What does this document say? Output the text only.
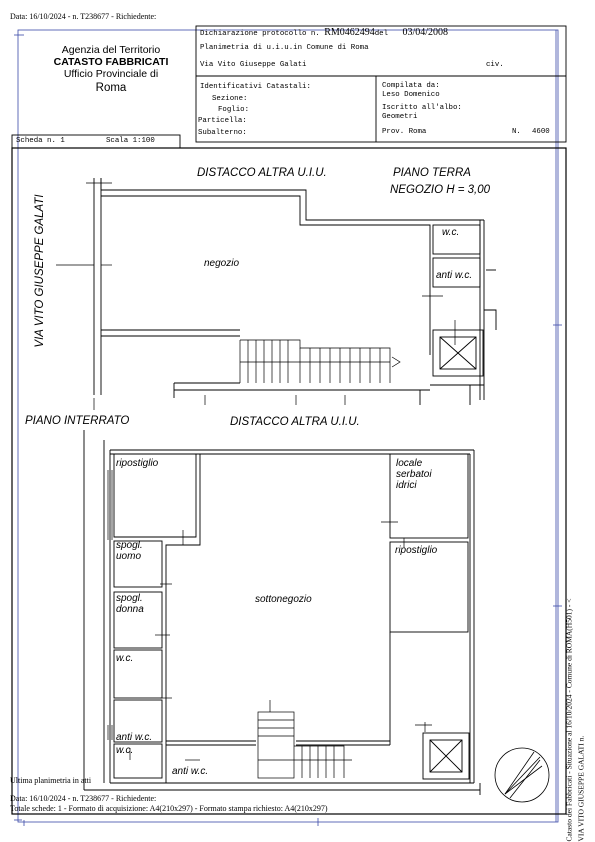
Data: 16/10/2024 - n. T238677 - Richiedente:
Agenzia del Territorio
CATASTO FABBRICATI
Ufficio Provinciale di
Roma
Dichiarazione protocollo n. RM0462494del 03/04/2008
Planimetria di u.i.u.in Comune di Roma
Via Vito Giuseppe Galati	civ.
Identificativi Catastali:
Sezione:
Foglio:
Particella:
Subalterno:
Compilata da:
Leso Domenico
Iscritto all'albo:
Geometri
Prov. Roma	N. 4600
Scheda n. 1	Scala 1:100
DISTACCO ALTRA U.I.U.	PIANO TERRA
NEGOZIO H = 3,00
VIA VITO GIUSEPPE GALATI	negozio
w.c.
anti w.c.
PIANO INTERRATO	DISTACCO ALTRA U.I.U.
ripostiglio	locale
serbatoi
idrici
ripostiglio
spogl.
uomo
spogl.
donna
sottonegozio
w.c.
anti w.c.
w.c.
anti w.c.	Catasto dei Fabbricati - Situazione al 16/10/2024 - Comune di ROMA(H501) - < VIA VITO GIUSEPPE GALATI n.
Ultima planimetria in atti
Data: 16/10/2024 - n. T238677 - Richiedente:
Totale schede: 1 - Formato di acquisizione: A4(210x297) - Formato stampa richiesto: A4(210x297)
